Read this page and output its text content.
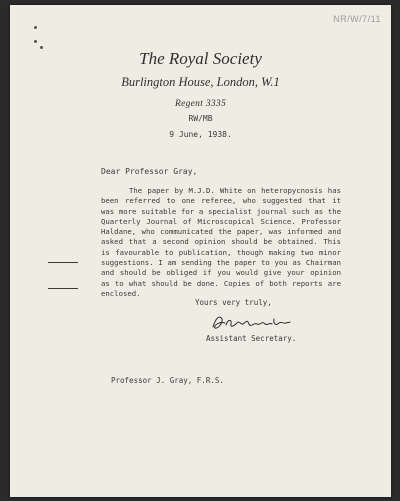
NR/W/7/11
The Royal Society
Burlington House, London, W.1
Regent 3335
RW/MB
9 June, 1938.
Dear Professor Gray,

The paper by M.J.D. White on heteropycnosis has been referred to one referee, who suggested that it was more suitable for a specialist journal such as the Quarterly Journal of Microscopical Science. Professor Haldane, who communicated the paper, was informed and asked that a second opinion should be obtained. This is favourable to publication, though making two minor suggestions. I am sending the paper to you as Chairman and should be obliged if you would give your opinion as to what should be done. Copies of both reports are enclosed.

Yours very truly,
Assistant Secretary.
Professor J. Gray, F.R.S.
